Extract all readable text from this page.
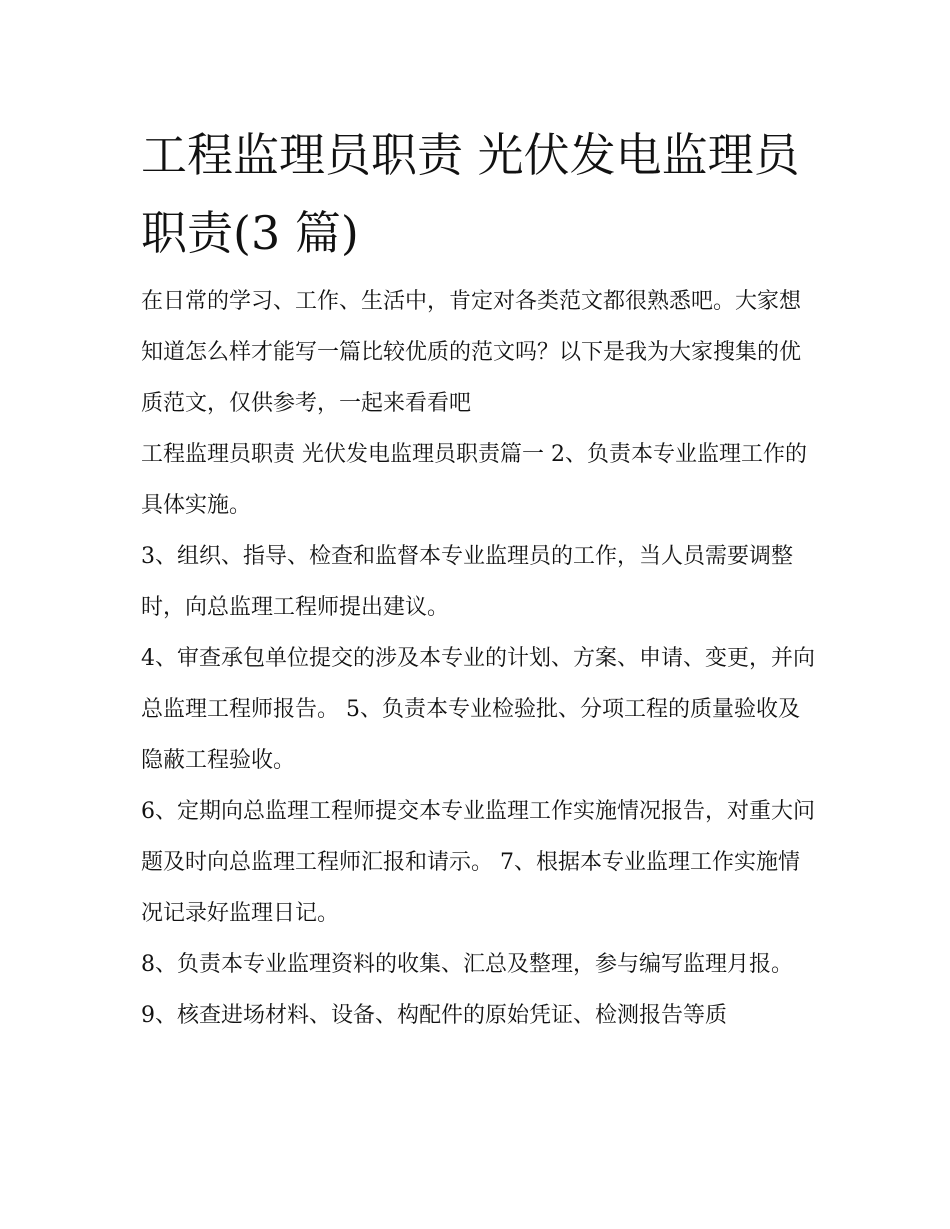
工程监理员职责 光伏发电监理员职责(3 篇)

在日常的学习、工作、生活中，肯定对各类范文都很熟悉吧。大家想知道怎么样才能写一篇比较优质的范文吗？以下是我为大家搜集的优质范文，仅供参考，一起来看看吧

工程监理员职责 光伏发电监理员职责篇一 2、负责本专业监理工作的具体实施。

3、组织、指导、检查和监督本专业监理员的工作，当人员需要调整时，向总监理工程师提出建议。

4、审查承包单位提交的涉及本专业的计划、方案、申请、变更，并向总监理工程师报告。 5、负责本专业检验批、分项工程的质量验收及隐蔽工程验收。

6、定期向总监理工程师提交本专业监理工作实施情况报告，对重大问题及时向总监理工程师汇报和请示。 7、根据本专业监理工作实施情况记录好监理日记。

8、负责本专业监理资料的收集、汇总及整理，参与编写监理月报。

9、核查进场材料、设备、构配件的原始凭证、检测报告等质
